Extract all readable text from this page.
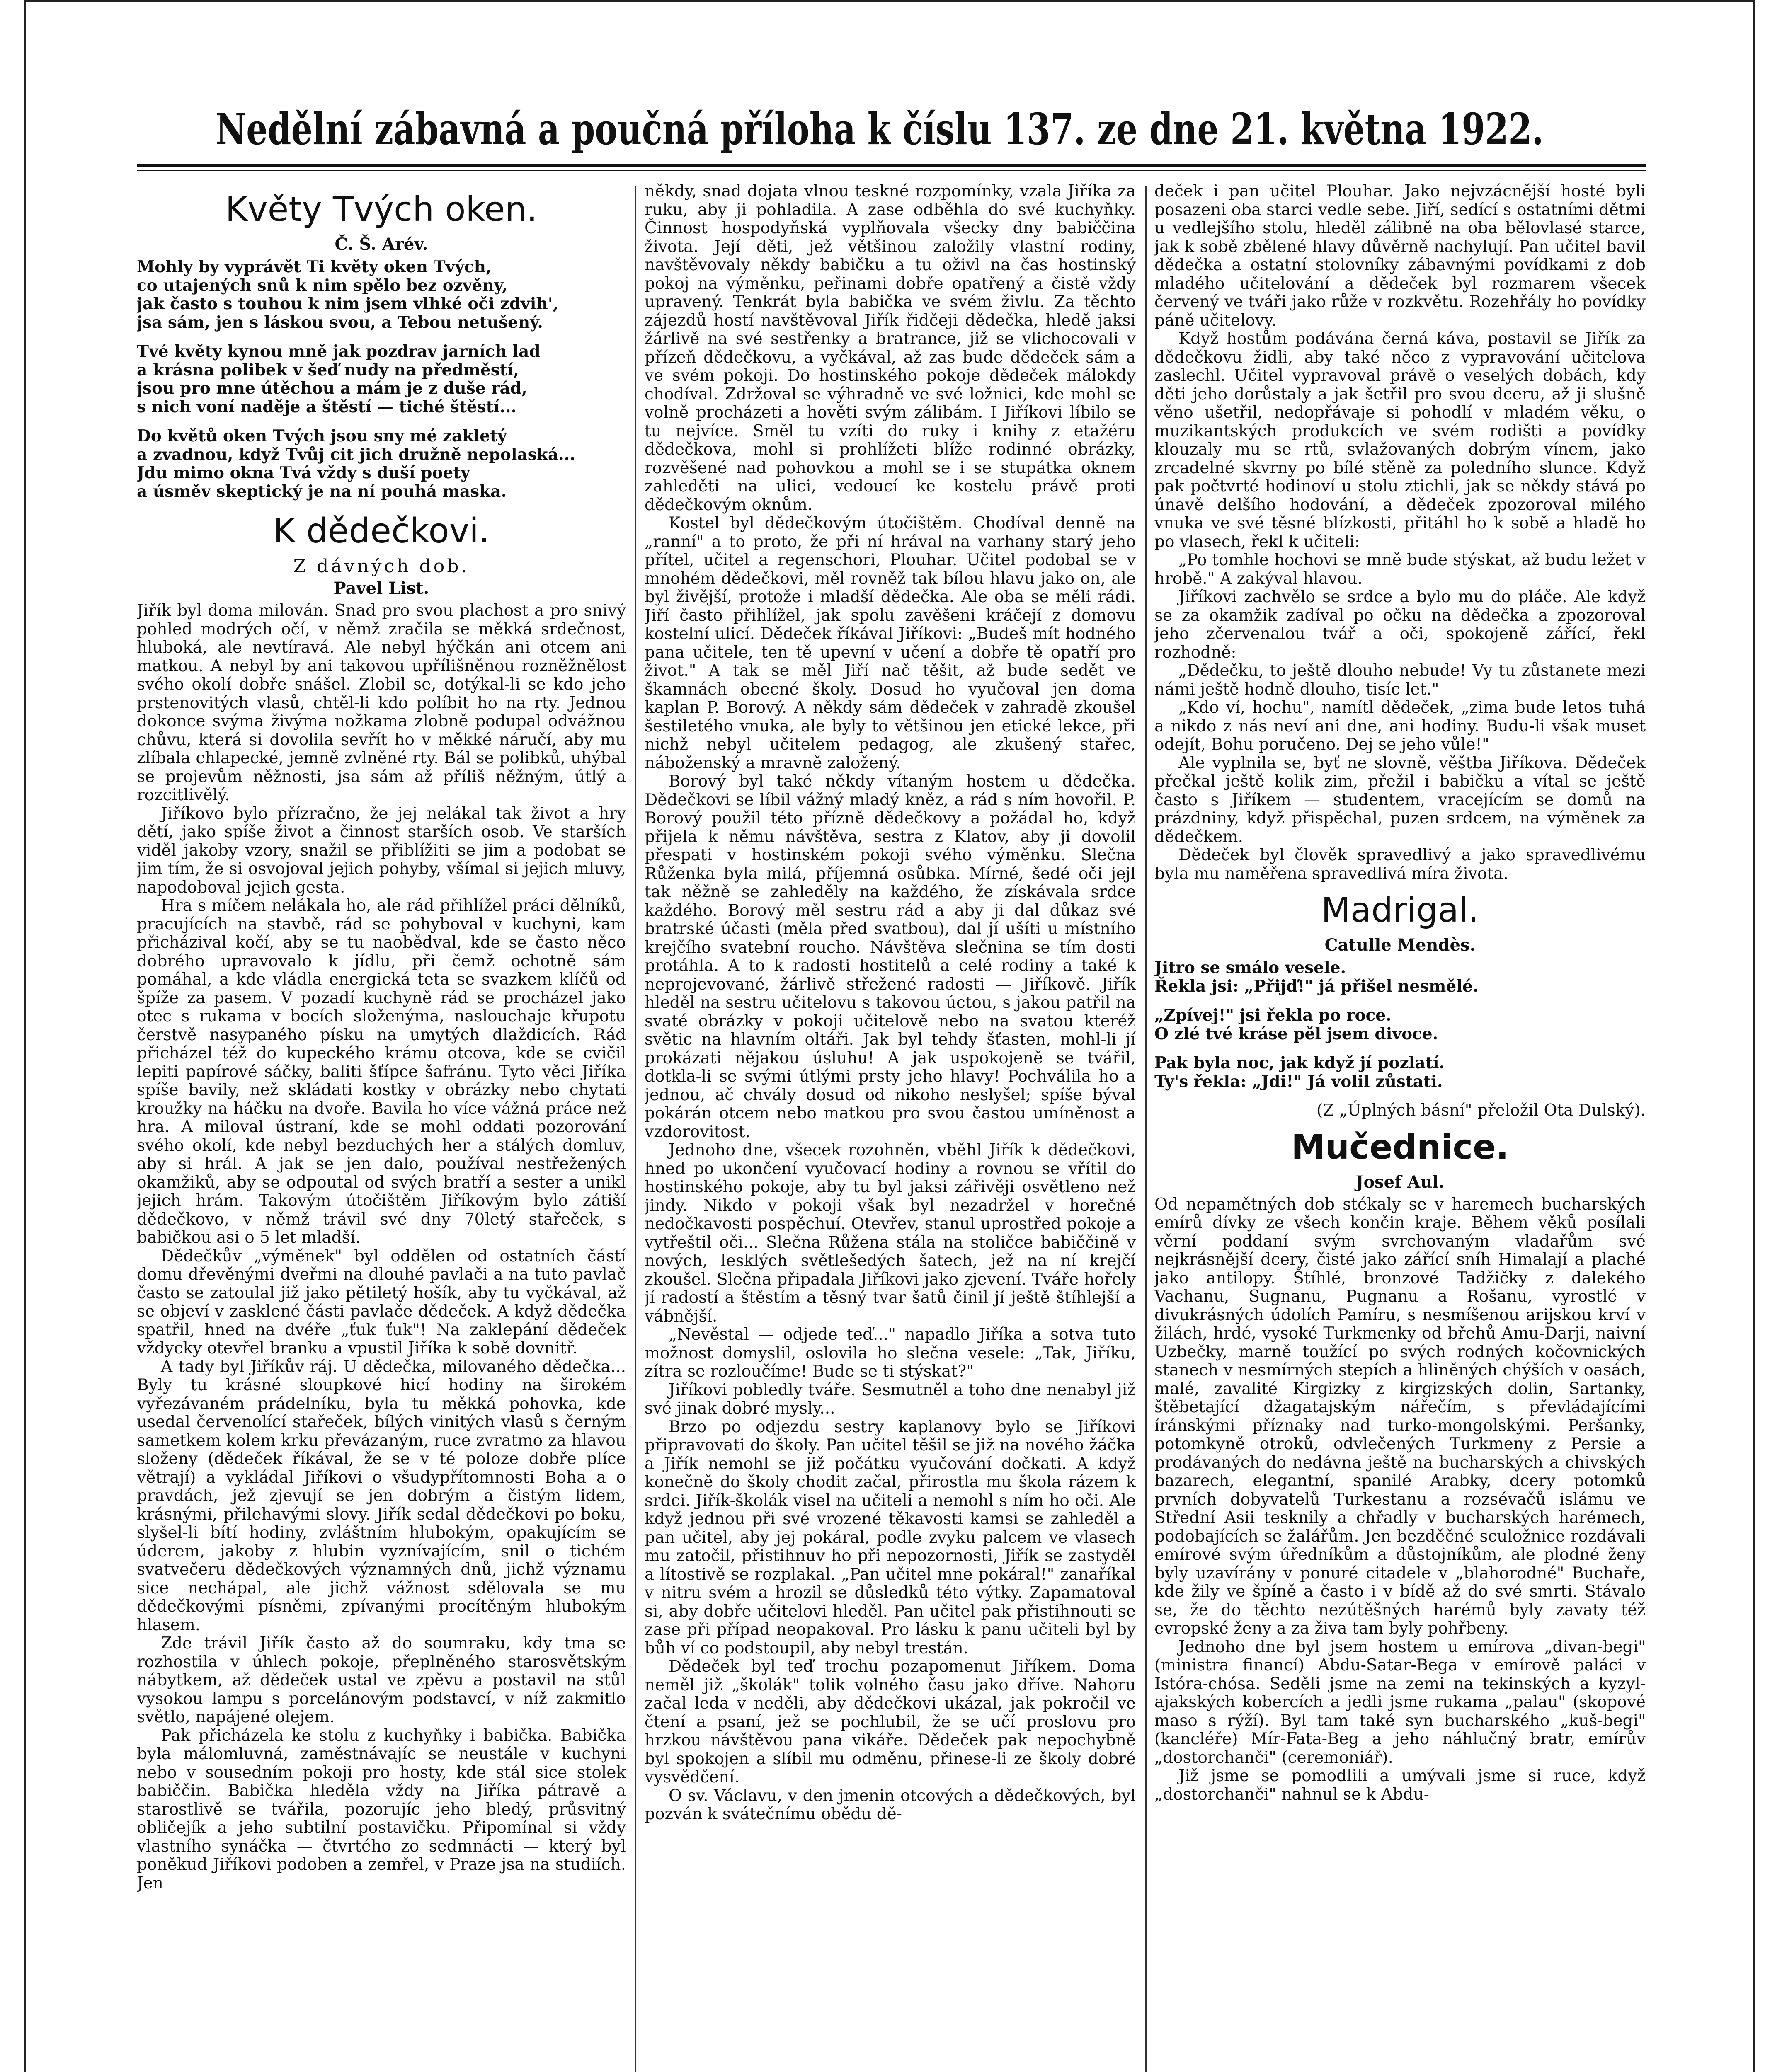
Nedělní zábavná a poučná příloha k číslu 137. ze dne 21. května 1922.
Květy Tvých oken.
Č. Š. Arév.

Mohly by vyprávět Ti květy oken Tvých,

co utajených snů k nim spělo bez ozvěny,

jak často s touhou k nim jsem vlhké oči zdvih',

jsa sám, jen s láskou svou, a Tebou netušený.

Tvé květy kynou mně jak pozdrav jarních lad

a krásna polibek v šeď nudy na předměstí,

jsou pro mne útěchou a mám je z duše rád,

s nich voní naděje a štěstí — tiché štěstí...

Do květů oken Tvých jsou sny mé zakletý

a zvadnou, když Tvůj cit jich družně nepolaská...

Jdu mimo okna Tvá vždy s duší poety

a úsměv skeptický je na ní pouhá maska.

K dědečkovi.
Z dávných dob.
Pavel List.

Jiřík byl doma milován. Snad pro svou plachost a pro snivý pohled modrých očí, v němž zračila se měkká srdečnost, hluboká, ale nevtíravá. Ale nebyl hýčkán ani otcem ani matkou. A nebyl by ani takovou upřílišněnou rozněžnělost svého okolí dobře snášel. Zlobil se, dotýkal-li se kdo jeho prstenovitých vlasů, chtěl-li kdo políbit ho na rty. Jednou dokonce svýma živýma nožkama zlobně podupal odvážnou chůvu, která si dovolila sevřít ho v měkké náručí, aby mu zlíbala chlapecké, jemně zvlněné rty. Bál se polibků, uhýbal se projevům něžnosti, jsa sám až příliš něžným, útlý a rozcitlivělý.

Jiříkovo bylo přízračno, že jej nelákal tak život a hry dětí, jako spíše život a činnost starších osob. Ve starších viděl jakoby vzory, snažil se přiblížiti se jim a podobat se jim tím, že si osvojoval jejich pohyby, všímal si jejich mluvy, napodoboval jejich gesta.

Hra s míčem nelákala ho, ale rád přihlížel práci dělníků, pracujících na stavbě, rád se pohyboval v kuchyni, kam přicházival kočí, aby se tu naobědval, kde se často něco dobrého upravovalo k jídlu, při čemž ochotně sám pomáhal, a kde vládla energická teta se svazkem klíčů od špíže za pasem. V pozadí kuchyně rád se procházel jako otec s rukama v bocích složenýma, naslouchaje křupotu čerstvě nasypaného písku na umytých dlaždicích. Rád přicházel též do kupeckého krámu otcova, kde se cvičil lepiti papírové sáčky, baliti šťípce šafránu. Tyto věci Jiříka spíše bavily, než skládati kostky v obrázky nebo chytati kroužky na háčku na dvoře. Bavila ho více vážná práce než hra. A miloval ústraní, kde se mohl oddati pozorování svého okolí, kde nebyl bezduchých her a stálých domluv, aby si hrál. A jak se jen dalo, používal nestřežených okamžiků, aby se odpoutal od svých bratří a sester a unikl jejich hrám. Takovým útočištěm Jiříkovým bylo zátiší dědečkovo, v němž trávil své dny 70letý stařeček, s babičkou asi o 5 let mladší.

Dědečkův „výměnek" byl oddělen od ostatních částí domu dřevěnými dveřmi na dlouhé pavlači a na tuto pavlač často se zatoulal již jako pětiletý hošík, aby tu vyčkával, až se objeví v zasklené části pavlače dědeček. A když dědečka spatřil, hned na dvéře „ťuk ťuk"! Na zaklepání dědeček vždycky otevřel branku a vpustil Jiříka k sobě dovnitř.

A tady byl Jiříkův ráj. U dědečka, milovaného dědečka... Byly tu krásné sloupkové hicí hodiny na širokém vyřezávaném prádelníku, byla tu měkká pohovka, kde usedal červenolící stařeček, bílých vinitých vlasů s černým sametkem kolem krku převázaným, ruce zvratmo za hlavou složeny (dědeček říkával, že se v té poloze dobře plíce větrají) a vykládal Jiříkovi o všudypřítomnosti Boha a o pravdách, jež zjevují se jen dobrým a čistým lidem, krásnými, přilehavými slovy. Jiřík sedal dědečkovi po boku, slyšel-li bítí hodiny, zvláštním hlubokým, opakujícím se úderem, jakoby z hlubin vyznívajícím, snil o tichém svatvečeru dědečkových významných dnů, jichž významu sice nechápal, ale jichž vážnost sdělovala se mu dědečkovými písněmi, zpívanými procítěným hlubokým hlasem.

Zde trávil Jiřík často až do soumraku, kdy tma se rozhostila v úhlech pokoje, přeplněného starosvětským nábytkem, až dědeček ustal ve zpěvu a postavil na stůl vysokou lampu s porcelánovým podstavcí, v níž zakmitlo světlo, napájené olejem.

Pak přicházela ke stolu z kuchyňky i babička. Babička byla málomluvná, zaměstnávajíc se neustále v kuchyni nebo v sousedním pokoji pro hosty, kde stál sice stolek babiččin. Babička hleděla vždy na Jiříka pátravě a starostlivě se tvářila, pozorujíc jeho bledý, průsvitný obličejík a jeho subtilní postavičku. Připomínal si vždy vlastního synáčka — čtvrtého zo sedmnácti — který byl poněkud Jiříkovi podoben a zemřel, v Praze jsa na studiích. Jen

někdy, snad dojata vlnou teskné rozpomínky, vzala Jiříka za ruku, aby ji pohladila. A zase odběhla do své kuchyňky. Činnost hospodyňská vyplňovala všecky dny babiččina života. Její děti, jež většinou založily vlastní rodiny, navštěvovaly někdy babičku a tu oživl na čas hostinský pokoj na výměnku, peřinami dobře opatřený a čistě vždy upravený. Tenkrát byla babička ve svém živlu. Za těchto zájezdů hostí navštěvoval Jiřík řidčeji dědečka, hledě jaksi žárlivě na své sestřenky a bratrance, již se vlichocovali v přízeň dědečkovu, a vyčkával, až zas bude dědeček sám a ve svém pokoji. Do hostinského pokoje dědeček málokdy chodíval. Zdržoval se výhradně ve své ložnici, kde mohl se volně procházeti a hověti svým zálibám. I Jiříkovi líbilo se tu nejvíce. Směl tu vzíti do ruky i knihy z etažéru dědečkova, mohl si prohlížeti blíže rodinné obrázky, rozvěšené nad pohovkou a mohl se i se stupátka oknem zahleděti na ulici, vedoucí ke kostelu právě proti dědečkovým oknům.

Kostel byl dědečkovým útočištěm. Chodíval denně na „ranní" a to proto, že při ní hrával na varhany starý jeho přítel, učitel a regenschori, Plouhar. Učitel podobal se v mnohém dědečkovi, měl rovněž tak bílou hlavu jako on, ale byl živější, protože i mladší dědečka. Ale oba se měli rádi. Jiří často přihlížel, jak spolu zavěšeni kráčejí z domovu kostelní ulicí. Dědeček říkával Jiříkovi: „Budeš mít hodného pana učitele, ten tě upevní v učení a dobře tě opatří pro život." A tak se měl Jiří nač těšit, až bude sedět ve škamnách obecné školy. Dosud ho vyučoval jen doma kaplan P. Borový. A někdy sám dědeček v zahradě zkoušel šestiletého vnuka, ale byly to většinou jen etické lekce, při nichž nebyl učitelem pedagog, ale zkušený stařec, náboženský a mravně založený.

Borový byl také někdy vítaným hostem u dědečka. Dědečkovi se líbil vážný mladý kněz, a rád s ním hovořil. P. Borový použil této přízně dědečkovy a požádal ho, když přijela k němu návštěva, sestra z Klatov, aby ji dovolil přespati v hostinském pokoji svého výměnku. Slečna Růženka byla milá, příjemná osůbka. Mírné, šedé oči jejl tak něžně se zahleděly na každého, že získávala srdce každého. Borový měl sestru rád a aby ji dal důkaz své bratrské účasti (měla před svatbou), dal jí ušíti u místního krejčího svatební roucho. Návštěva slečnina se tím dosti protáhla. A to k radosti hostitelů a celé rodiny a také k neprojevované, žárlivě střežené radosti — Jiříkově. Jiřík hleděl na sestru učitelovu s takovou úctou, s jakou patřil na svaté obrázky v pokoji učitelově nebo na svatou kteréž světic na hlavním oltáři. Jak byl tehdy šťasten, mohl-li jí prokázati nějakou úsluhu! A jak uspokojeně se tvářil, dotkla-li se svými útlými prsty jeho hlavy! Pochválila ho a jednou, ač chvály dosud od nikoho neslyšel; spíše býval pokárán otcem nebo matkou pro svou častou umíněnost a vzdorovitost.

Jednoho dne, všecek rozohněn, vběhl Jiřík k dědečkovi, hned po ukončení vyučovací hodiny a rovnou se vřítil do hostinského pokoje, aby tu byl jaksi zářivěji osvětleno než jindy. Nikdo v pokoji však byl nezadržel v horečné nedočkavosti pospěchuí. Otevřev, stanul uprostřed pokoje a vytřeštil oči... Slečna Růžena stála na stoličce babiččině v nových, lesklých světlešedých šatech, jež na ní krejčí zkoušel. Slečna připadala Jiříkovi jako zjevení. Tváře hořely jí radostí a štěstím a těsný tvar šatů činil jí ještě štíhlejší a vábnější.

„Nevěstal — odjede teď..." napadlo Jiříka a sotva tuto možnost domyslil, oslovila ho slečna vesele: „Tak, Jiříku, zítra se rozloučíme! Bude se ti stýskat?"

Jiříkovi pobledly tváře. Sesmutněl a toho dne nenabyl již své jinak dobré mysly...

Brzo po odjezdu sestry kaplanovy bylo se Jiříkovi připravovati do školy. Pan učitel těšil se již na nového žáčka a Jiřík nemohl se již počátku vyučování dočkati. A když konečně do školy chodit začal, přirostla mu škola rázem k srdci. Jiřík-školák visel na učiteli a nemohl s ním ho oči. Ale když jednou při své vrozené těkavosti kamsi se zahleděl a pan učitel, aby jej pokáral, podle zvyku palcem ve vlasech mu zatočil, přistihnuv ho při nepozornosti, Jiřík se zastyděl a lítostivě se rozplakal. „Pan učitel mne pokáral!" zanaříkal v nitru svém a hrozil se důsledků této výtky. Zapamatoval si, aby dobře učitelovi hleděl. Pan učitel pak přistihnouti se zase při případ neopakoval. Pro lásku k panu učiteli byl by bůh ví co podstoupil, aby nebyl trestán.

Dědeček byl teď trochu pozapomenut Jiříkem. Doma neměl již „školák" tolik volného času jako dříve. Nahoru začal leda v neděli, aby dědečkovi ukázal, jak pokročil ve čtení a psaní, jež se pochlubil, že se učí proslovu pro hrzkou návštěvou pana vikáře. Dědeček pak nepochybně byl spokojen a slíbil mu odměnu, přinese-li ze školy dobré vysvědčení.

O sv. Václavu, v den jmenin otcových a dědečkových, byl pozván k svátečnímu obědu dě-

deček i pan učitel Plouhar. Jako nejvzácnější hosté byli posazeni oba starci vedle sebe. Jiří, sedící s ostatními dětmi u vedlejšího stolu, hleděl zálibně na oba bělovlasé starce, jak k sobě zbělené hlavy důvěrně nachylují. Pan učitel bavil dědečka a ostatní stolovníky zábavnými povídkami z dob mladého učitelování a dědeček byl rozmarem všecek červený ve tváři jako růže v rozkvětu. Rozehřály ho povídky páně učitelovy.

Když hostům podávána černá káva, postavil se Jiřík za dědečkovu židli, aby také něco z vypravování učitelova zaslechl. Učitel vypravoval právě o veselých dobách, kdy děti jeho dorůstaly a jak šetřil pro svou dceru, až ji slušně věno ušetřil, nedopřávaje si pohodlí v mladém věku, o muzikantských produkcích ve svém rodišti a povídky klouzaly mu se rtů, svlažovaných dobrým vínem, jako zrcadelné skvrny po bílé stěně za poledního slunce. Když pak počtvrté hodinoví u stolu ztichli, jak se někdy stává po únavě delšího hodování, a dědeček zpozoroval milého vnuka ve své těsné blízkosti, přitáhl ho k sobě a hladě ho po vlasech, řekl k učiteli:

„Po tomhle hochovi se mně bude stýskat, až budu ležet v hrobě." A zakýval hlavou.

Jiříkovi zachvělo se srdce a bylo mu do pláče. Ale když se za okamžik zadíval po očku na dědečka a zpozoroval jeho zčervenalou tvář a oči, spokojeně zářící, řekl rozhodně:

„Dědečku, to ještě dlouho nebude! Vy tu zůstanete mezi námi ještě hodně dlouho, tisíc let."

„Kdo ví, hochu", namítl dědeček, „zima bude letos tuhá a nikdo z nás neví ani dne, ani hodiny. Budu-li však muset odejít, Bohu poručeno. Dej se jeho vůle!"

Ale vyplnila se, byť ne slovně, věštba Jiříkova. Dědeček přečkal ještě kolik zim, přežil i babičku a vítal se ještě často s Jiříkem — studentem, vracejícím se domů na prázdniny, když přispěchal, puzen srdcem, na výměnek za dědečkem.

Dědeček byl člověk spravedlivý a jako spravedlivému byla mu naměřena spravedlivá míra života.

Madrigal.
Catulle Mendès.

Jitro se smálo vesele.

Řekla jsi: „Přijď!" já přišel nesmělé.

„Zpívej!" jsi řekla po roce.

O zlé tvé kráse pěl jsem divoce.

Pak byla noc, jak když jí pozlatí.

Ty's řekla: „Jdi!" Já volil zůstati.

(Z „Úplných básní" přeložil Ota Dulský).

Mučednice.
Josef Aul.

Od nepamětných dob stékaly se v haremech bucharských emírů dívky ze všech končin kraje. Během věků posílali věrní poddaní svým svrchovaným vladařům své nejkrásnější dcery, čisté jako zářící sníh Himalají a plaché jako antilopy. Štíhlé, bronzové Tadžičky z dalekého Vachanu, Sugnanu, Pugnanu a Rošanu, vyrostlé v divukrásných údolích Pamíru, s nesmíšenou arijskou krví v žilách, hrdé, vysoké Turkmenky od břehů Amu-Darji, naivní Uzbečky, marně toužící po svých rodných kočovnických stanech v nesmírných stepích a hliněných chýších v oasách, malé, zavalité Kirgizky z kirgizských dolin, Sartanky, štěbetající džagatajským nářečím, s převládajícími íránskými příznaky nad turko-mongolskými. Peršanky, potomkyně otroků, odvlečených Turkmeny z Persie a prodávaných do nedávna ještě na bucharských a chivských bazarech, elegantní, spanilé Arabky, dcery potomků prvních dobyvatelů Turkestanu a rozsévačů islámu ve Střední Asii tesknily a chřadly v bucharských harémech, podobajících se žalářům. Jen bezděčné sculožnice rozdávali emírové svým úředníkům a důstojníkům, ale plodné ženy byly uzavírány v ponuré citadele v „blahorodné" Buchaře, kde žily ve špíně a často i v bídě až do své smrti. Stávalo se, že do těchto nezútěšných harémů byly zavaty též evropské ženy a za živa tam byly pohřbeny.

Jednoho dne byl jsem hostem u emírova „divan-begi" (ministra financí) Abdu-Satar-Bega v emírově paláci v Istóra-chósa. Seděli jsme na zemi na tekinských a kyzyl-ajakských kobercích a jedli jsme rukama „palau" (skopové maso s rýží). Byl tam také syn bucharského „kuš-begi" (kancléře) Mír-Fata-Beg a jeho náhlučný bratr, emírův „dostorchanči" (ceremoniář).

Již jsme se pomodlili a umývali jsme si ruce, když „dostorchanči" nahnul se k Abdu-
